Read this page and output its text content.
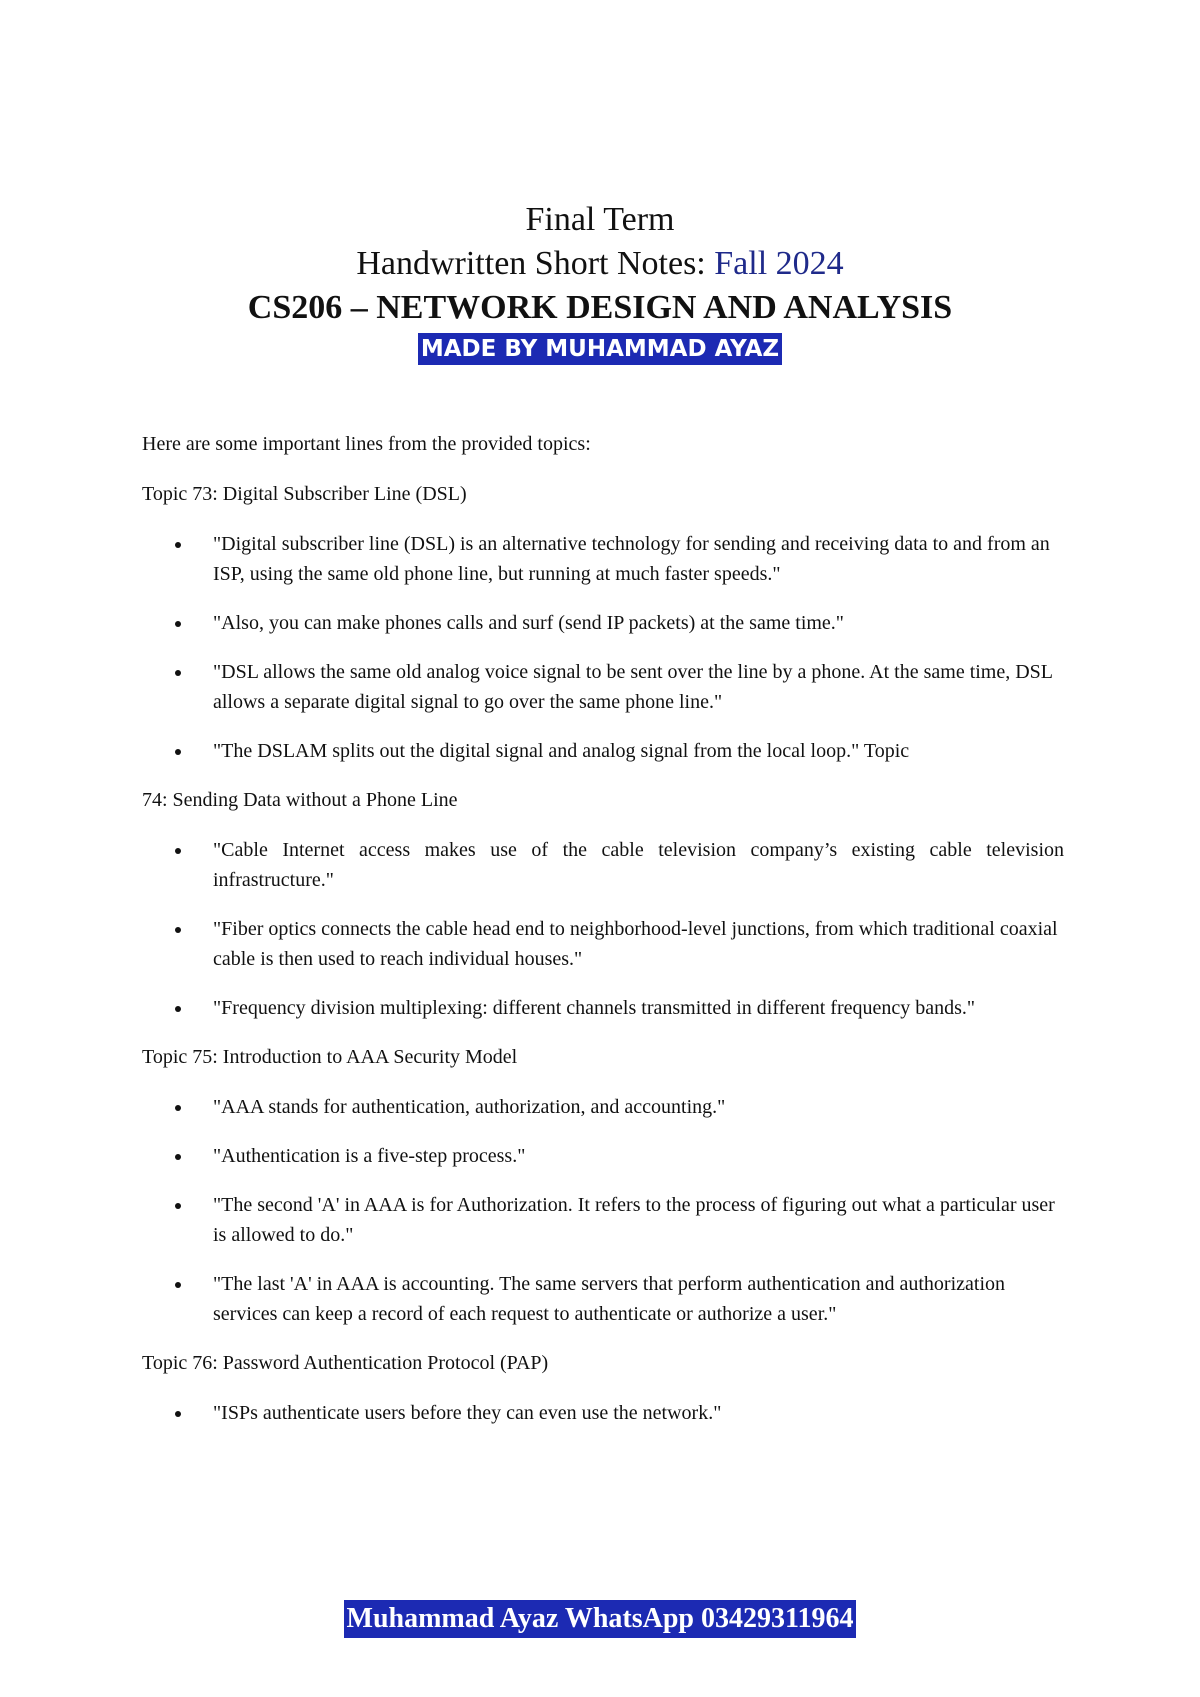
Final Term
Handwritten Short Notes: Fall 2024
CS206 – NETWORK DESIGN AND ANALYSIS
MADE BY MUHAMMAD AYAZ

Here are some important lines from the provided topics:

Topic 73: Digital Subscriber Line (DSL)

"Digital subscriber line (DSL) is an alternative technology for sending and receiving data to and from an ISP, using the same old phone line, but running at much faster speeds."
"Also, you can make phones calls and surf (send IP packets) at the same time."
"DSL allows the same old analog voice signal to be sent over the line by a phone. At the same time, DSL allows a separate digital signal to go over the same phone line."
"The DSLAM splits out the digital signal and analog signal from the local loop." Topic

74: Sending Data without a Phone Line

"Cable Internet access makes use of the cable television company’s existing cable television infrastructure."
"Fiber optics connects the cable head end to neighborhood-level junctions, from which traditional coaxial cable is then used to reach individual houses."
"Frequency division multiplexing: different channels transmitted in different frequency bands."

Topic 75: Introduction to AAA Security Model

"AAA stands for authentication, authorization, and accounting."
"Authentication is a five-step process."
"The second 'A' in AAA is for Authorization. It refers to the process of figuring out what a particular user is allowed to do."
"The last 'A' in AAA is accounting. The same servers that perform authentication and authorization services can keep a record of each request to authenticate or authorize a user."

Topic 76: Password Authentication Protocol (PAP)

"ISPs authenticate users before they can even use the network."
Muhammad Ayaz WhatsApp 03429311964
